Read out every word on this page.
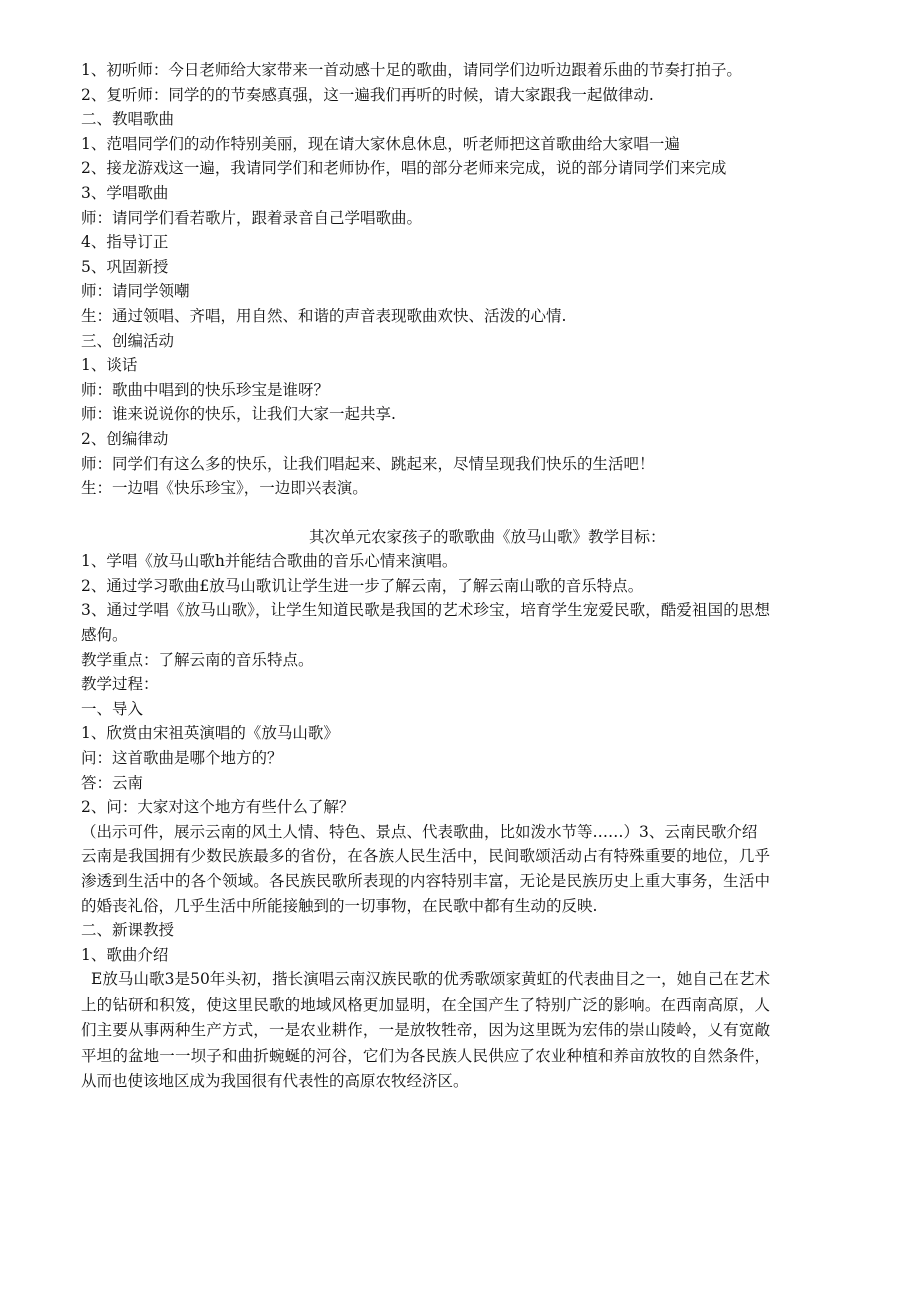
1、初听师：今日老师给大家带来一首动感十足的歌曲，请同学们边听边跟着乐曲的节奏打拍子。

2、复听师：同学的的节奏感真强，这一遍我们再听的时候，请大家跟我一起做律动.

二、教唱歌曲

1、范唱同学们的动作特别美丽，现在请大家休息休息，听老师把这首歌曲给大家唱一遍

2、接龙游戏这一遍，我请同学们和老师协作，唱的部分老师来完成，说的部分请同学们来完成

3、学唱歌曲

师：请同学们看若歌片，跟着录音自己学唱歌曲。

4、指导订正

5、巩固新授

师：请同学领嘲

生：通过领唱、齐唱，用自然、和谐的声音表现歌曲欢快、活泼的心情.

三、创编活动

1、谈话

师：歌曲中唱到的快乐珍宝是谁呀？

师：谁来说说你的快乐，让我们大家一起共享.

2、创编律动

师：同学们有这么多的快乐，让我们唱起来、跳起来，尽情呈现我们快乐的生活吧！

生：一边唱《快乐珍宝》，一边即兴表演。

其次单元农家孩子的歌歌曲《放马山歌》教学目标：

1、学唱《放马山歌h并能结合歌曲的音乐心情来演唱。

2、通过学习歌曲£放马山歌讥让学生进一步了解云南，了解云南山歌的音乐特点。

3、通过学唱《放马山歌》，让学生知道民歌是我国的艺术珍宝，培育学生宠爱民歌，酷爱祖国的思想感佝。

教学重点：了解云南的音乐特点。

教学过程：

一、导入

1、欣赏由宋祖英演唱的《放马山歌》

问：这首歌曲是哪个地方的？

答：云南

2、问：大家对这个地方有些什么了解？

（出示可件，展示云南的风土人情、特色、景点、代表歌曲，比如泼水节等……）3、云南民歌介绍

云南是我国拥有少数民族最多的省份，在各族人民生活中，民间歌颂活动占有特殊重要的地位，几乎渗透到生活中的各个领域。各民族民歌所表现的内容特别丰富，无论是民族历史上重大事务，生活中的婚丧礼俗，几乎生活中所能接触到的一切事物，在民歌中都有生动的反映.

二、新课教授

1、歌曲介绍

E放马山歌3是50年头初，揩长演唱云南汉族民歌的优秀歌颂家黄虹的代表曲目之一，她自己在艺术上的钻研和积笈，使这里民歌的地域风格更加显明，在全国产生了特别广泛的影响。在西南高原，人们主要从事两种生产方式，一是农业耕作，一是放牧牲帝，因为这里既为宏伟的崇山陵岭，乂有宽敞平坦的盆地一一坝子和曲折蜿蜒的河谷，它们为各民族人民供应了农业种植和养亩放牧的自然条件，从而也使该地区成为我国很有代表性的高原农牧经济区。
